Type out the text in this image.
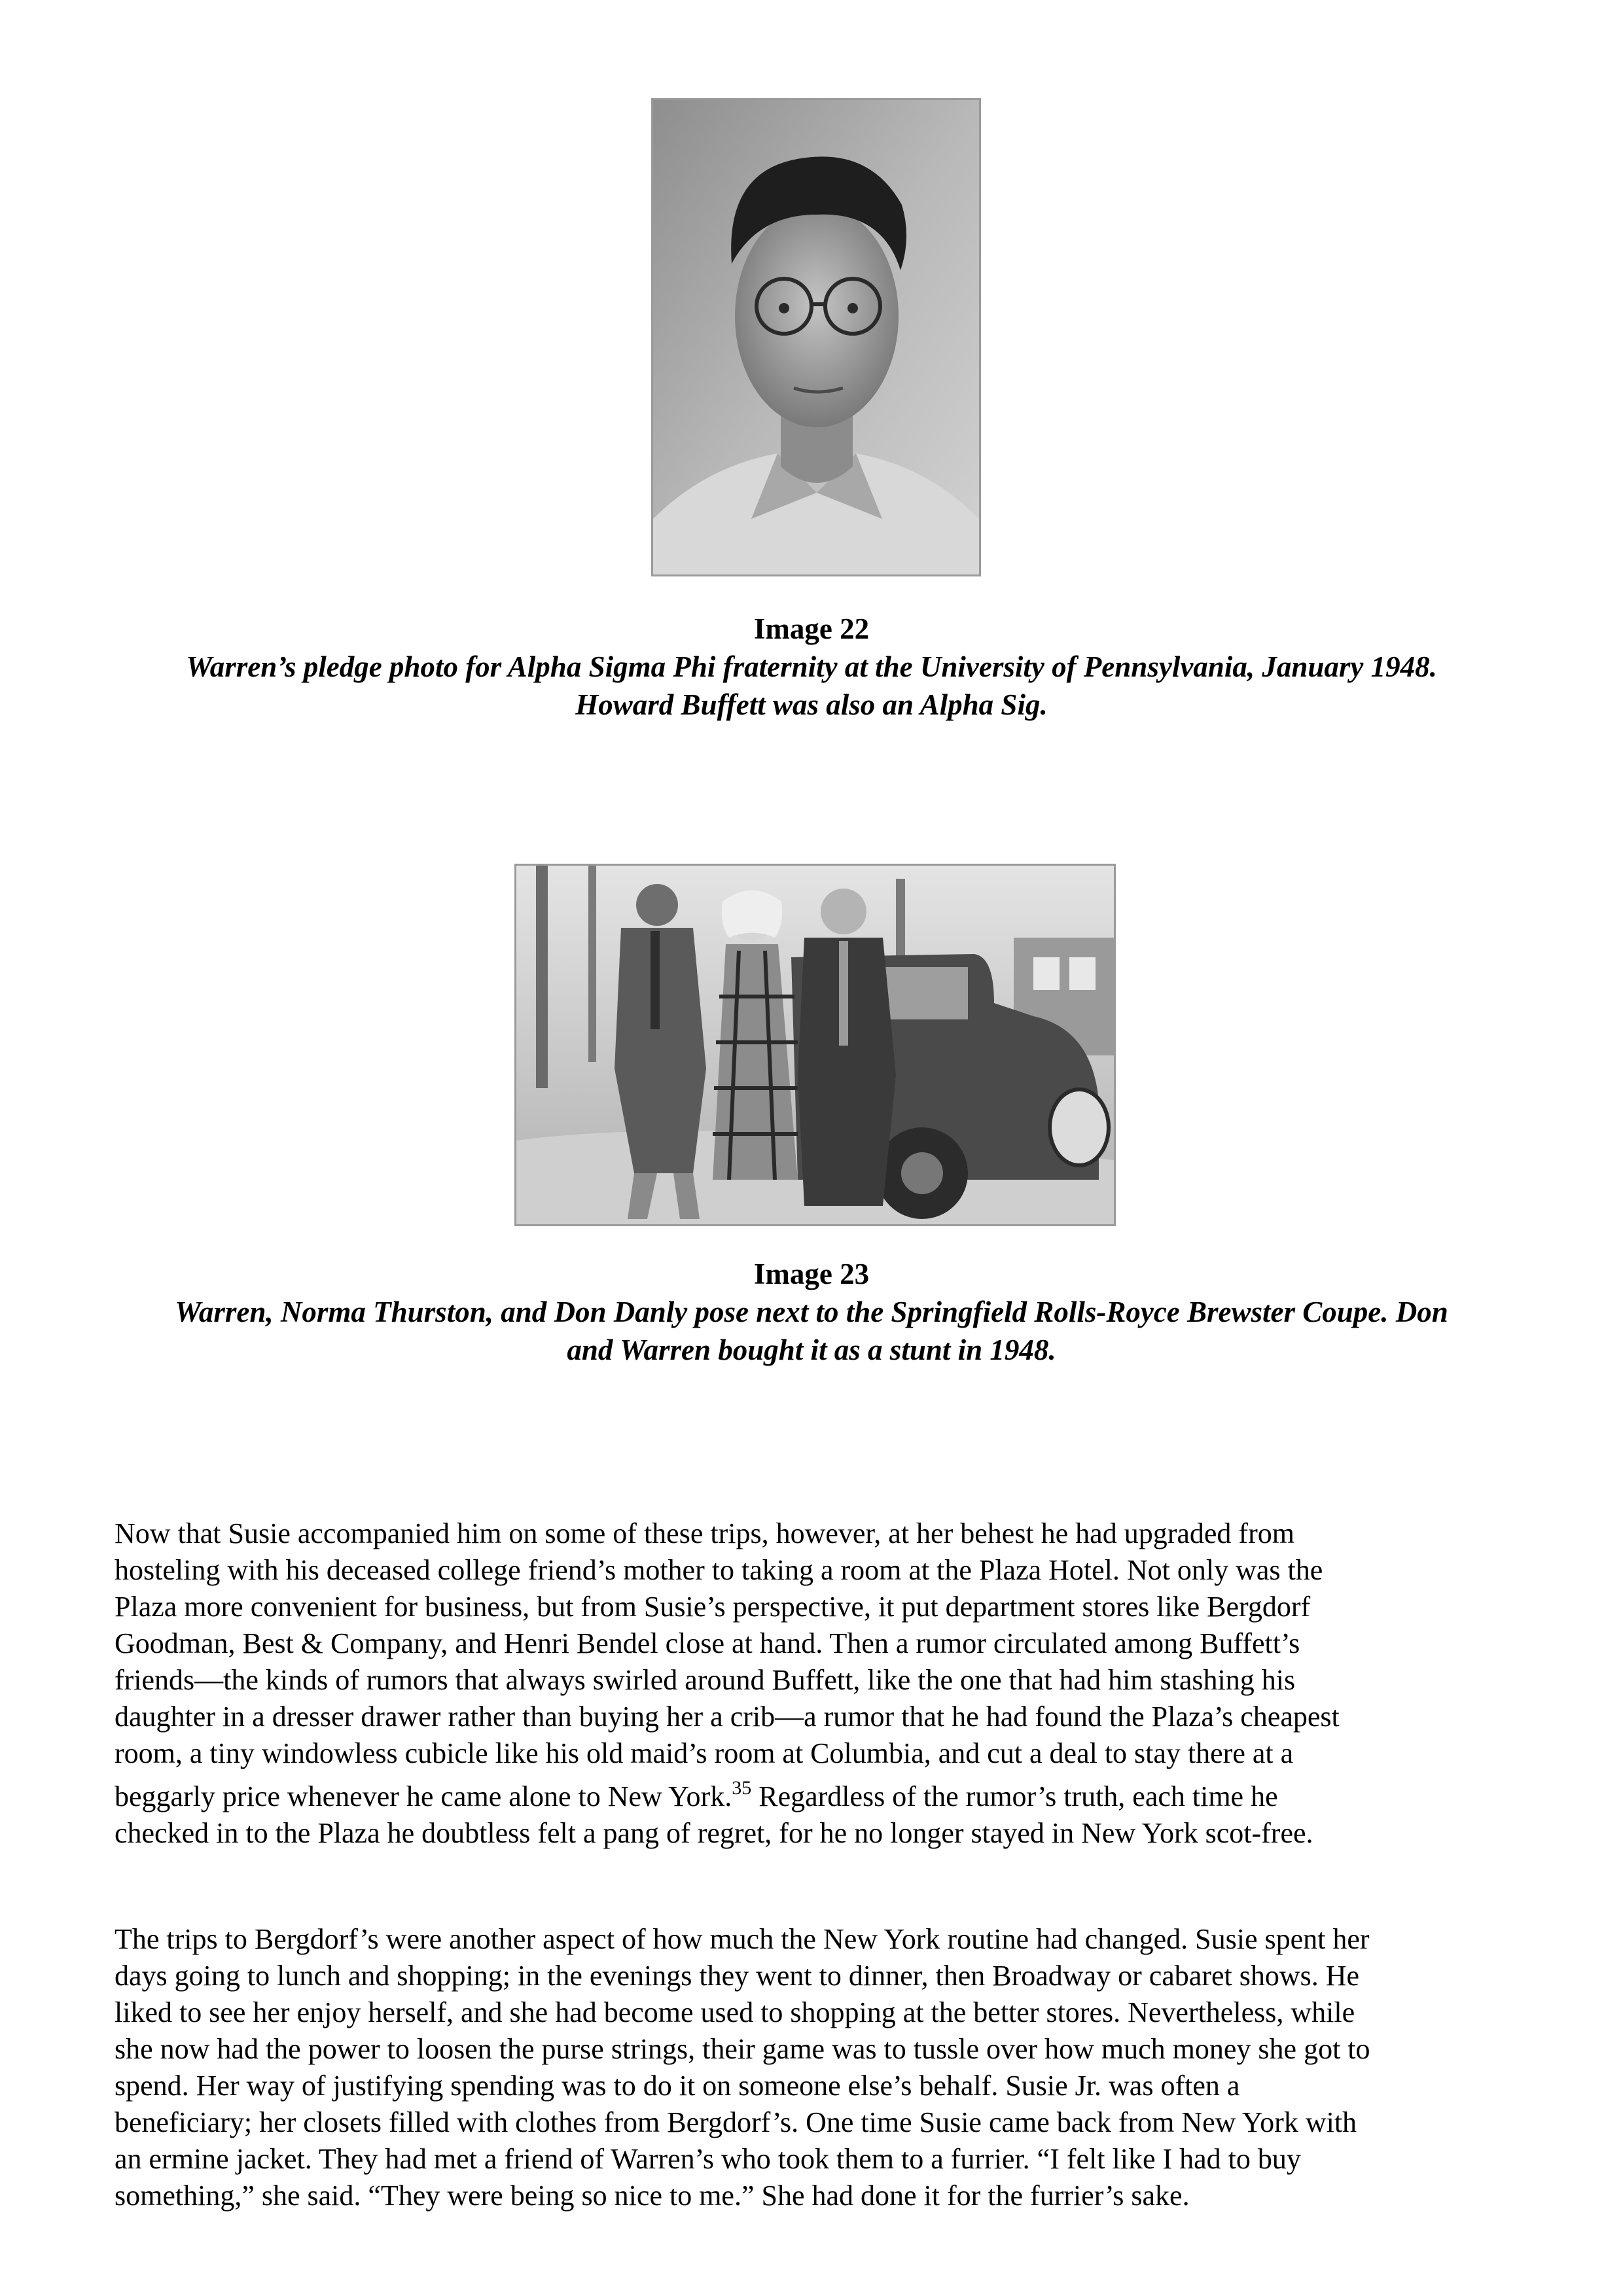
Image 22
Warren’s pledge photo for Alpha Sigma Phi fraternity at the University of Pennsylvania, January 1948.
Howard Buffett was also an Alpha Sig.
Image 23
Warren, Norma Thurston, and Don Danly pose next to the Springfield Rolls-Royce Brewster Coupe. Don
and Warren bought it as a stunt in 1948.

Now that Susie accompanied him on some of these trips, however, at her behest he had upgraded from
hosteling with his deceased college friend’s mother to taking a room at the Plaza Hotel. Not only was the
Plaza more convenient for business, but from Susie’s perspective, it put department stores like Bergdorf
Goodman, Best & Company, and Henri Bendel close at hand. Then a rumor circulated among Buffett’s
friends—the kinds of rumors that always swirled around Buffett, like the one that had him stashing his
daughter in a dresser drawer rather than buying her a crib—a rumor that he had found the Plaza’s cheapest
room, a tiny windowless cubicle like his old maid’s room at Columbia, and cut a deal to stay there at a
beggarly price whenever he came alone to New York.$^{35}$ Regardless of the rumor’s truth, each time he
checked in to the Plaza he doubtless felt a pang of regret, for he no longer stayed in New York scot-free.

The trips to Bergdorf’s were another aspect of how much the New York routine had changed. Susie spent her
days going to lunch and shopping; in the evenings they went to dinner, then Broadway or cabaret shows. He
liked to see her enjoy herself, and she had become used to shopping at the better stores. Nevertheless, while
she now had the power to loosen the purse strings, their game was to tussle over how much money she got to
spend. Her way of justifying spending was to do it on someone else’s behalf. Susie Jr. was often a
beneficiary; her closets filled with clothes from Bergdorf’s. One time Susie came back from New York with
an ermine jacket. They had met a friend of Warren’s who took them to a furrier. “I felt like I had to buy
something,” she said. “They were being so nice to me.” She had done it for the furrier’s sake.
